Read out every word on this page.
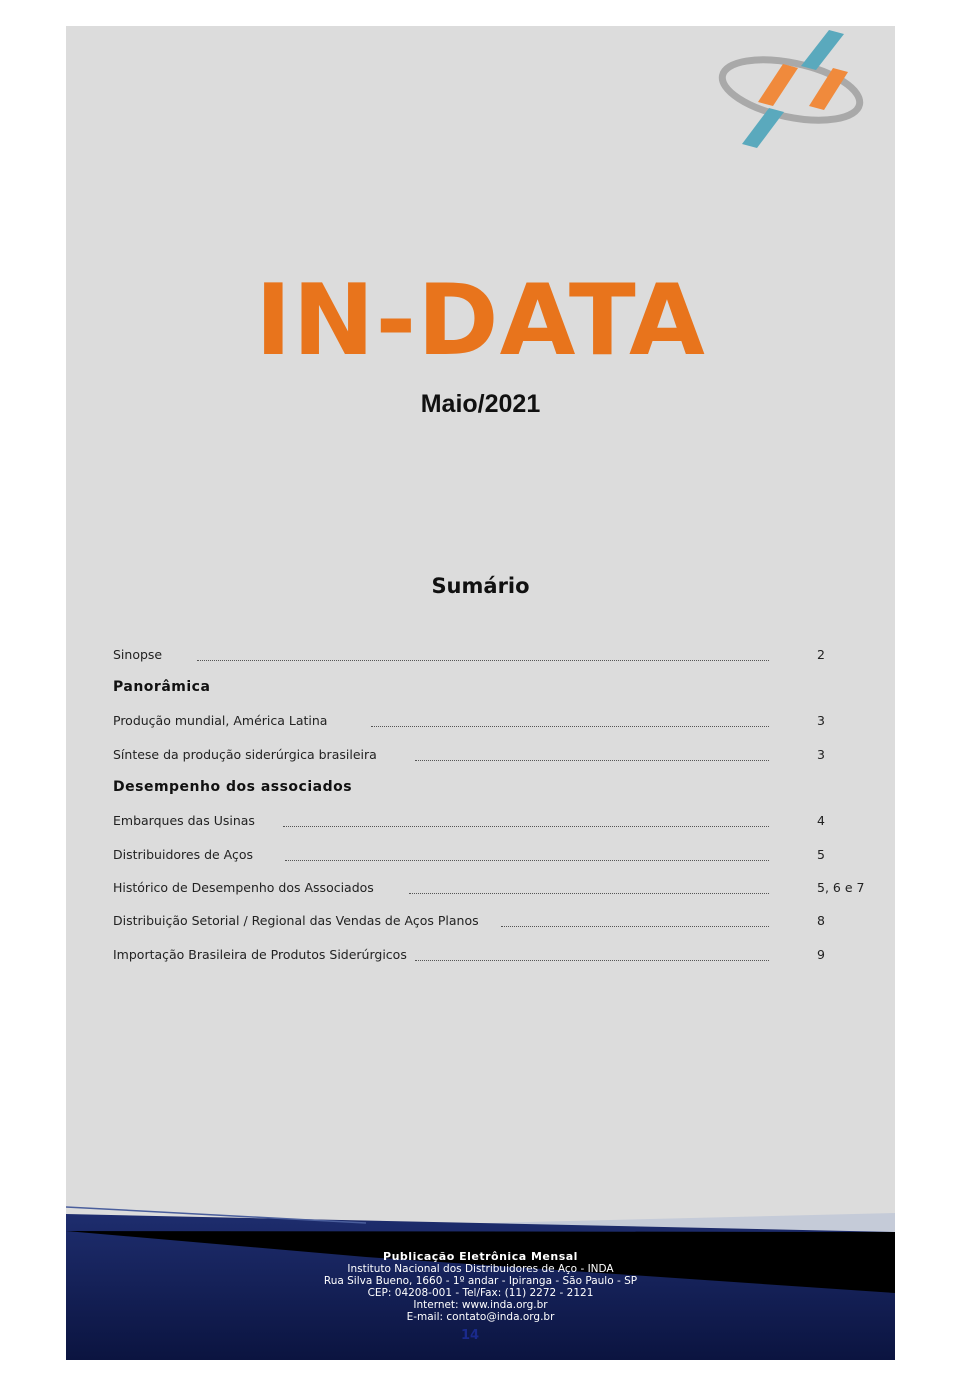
IN-DATA
Maio/2021
Sumário
Sinopse	2
Panorâmica
Produção mundial, América Latina	3
Síntese da produção siderúrgica brasileira	3
Desempenho dos associados
Embarques das Usinas	4
Distribuidores de Aços	5
Histórico de Desempenho dos Associados	5, 6 e 7
Distribuição Setorial / Regional das Vendas de Aços Planos	8
Importação Brasileira de Produtos Siderúrgicos	9
Publicação Eletrônica Mensal
Instituto Nacional dos Distribuidores de Aço - INDA
Rua Silva Bueno, 1660 - 1º andar - Ipiranga - São Paulo - SP
CEP: 04208-001 - Tel/Fax: (11) 2272 - 2121
Internet: www.inda.org.br
E-mail: contato@inda.org.br
14
